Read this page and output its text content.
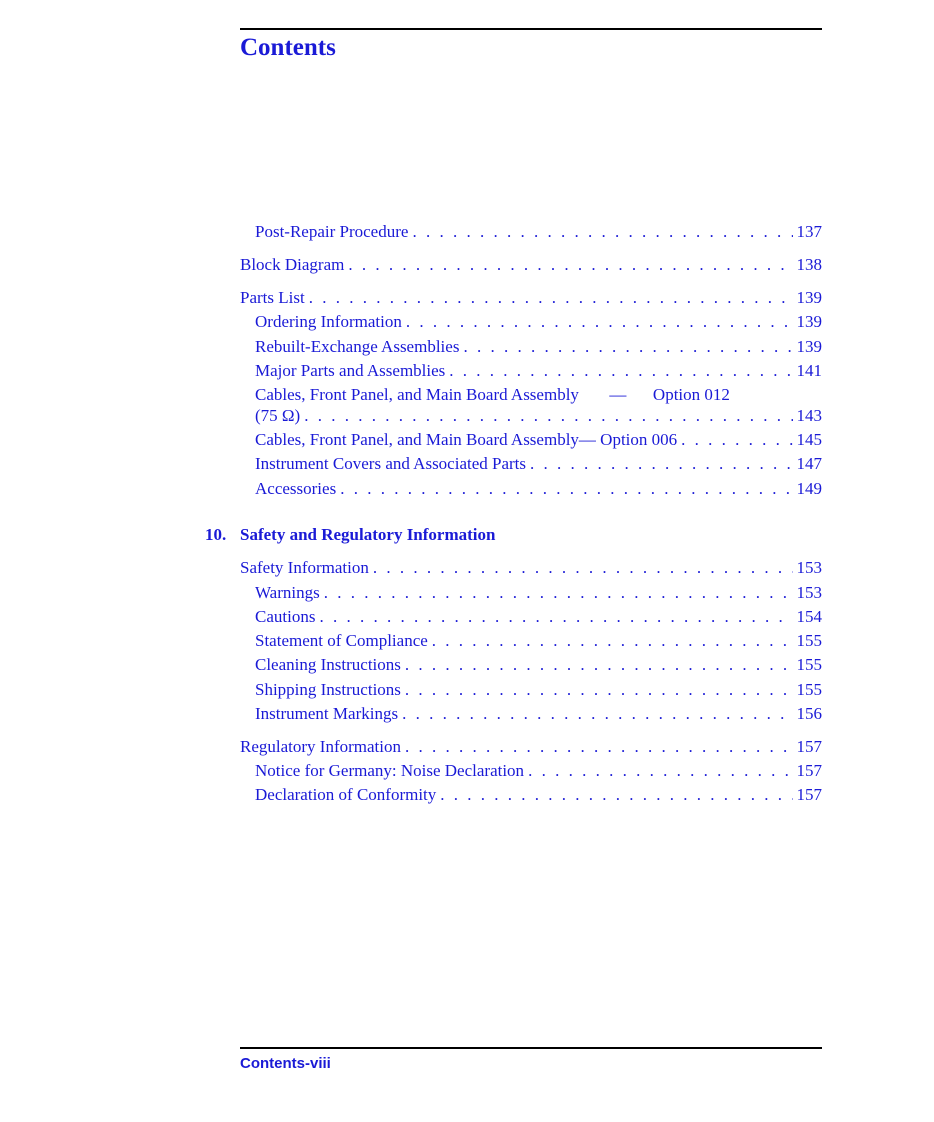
Contents
Post-Repair Procedure . . .	137
Block Diagram . . .	138
Parts List . . .	139
Ordering Information . . .	139
Rebuilt-Exchange Assemblies . . .	139
Major Parts and Assemblies . . .	141
Cables, Front Panel, and Main Board Assembly — Option 012
(75 Ω) . . .	143
Cables, Front Panel, and Main Board Assembly— Option 006 . . .	145
Instrument Covers and Associated Parts . . .	147
Accessories . . .	149
10. Safety and Regulatory Information
Safety Information . . .	153
Warnings . . .	153
Cautions . . .	154
Statement of Compliance . . .	155
Cleaning Instructions . . .	155
Shipping Instructions . . .	155
Instrument Markings . . .	156
Regulatory Information . . .	157
Notice for Germany: Noise Declaration . . .	157
Declaration of Conformity . . .	157
Contents-viii
